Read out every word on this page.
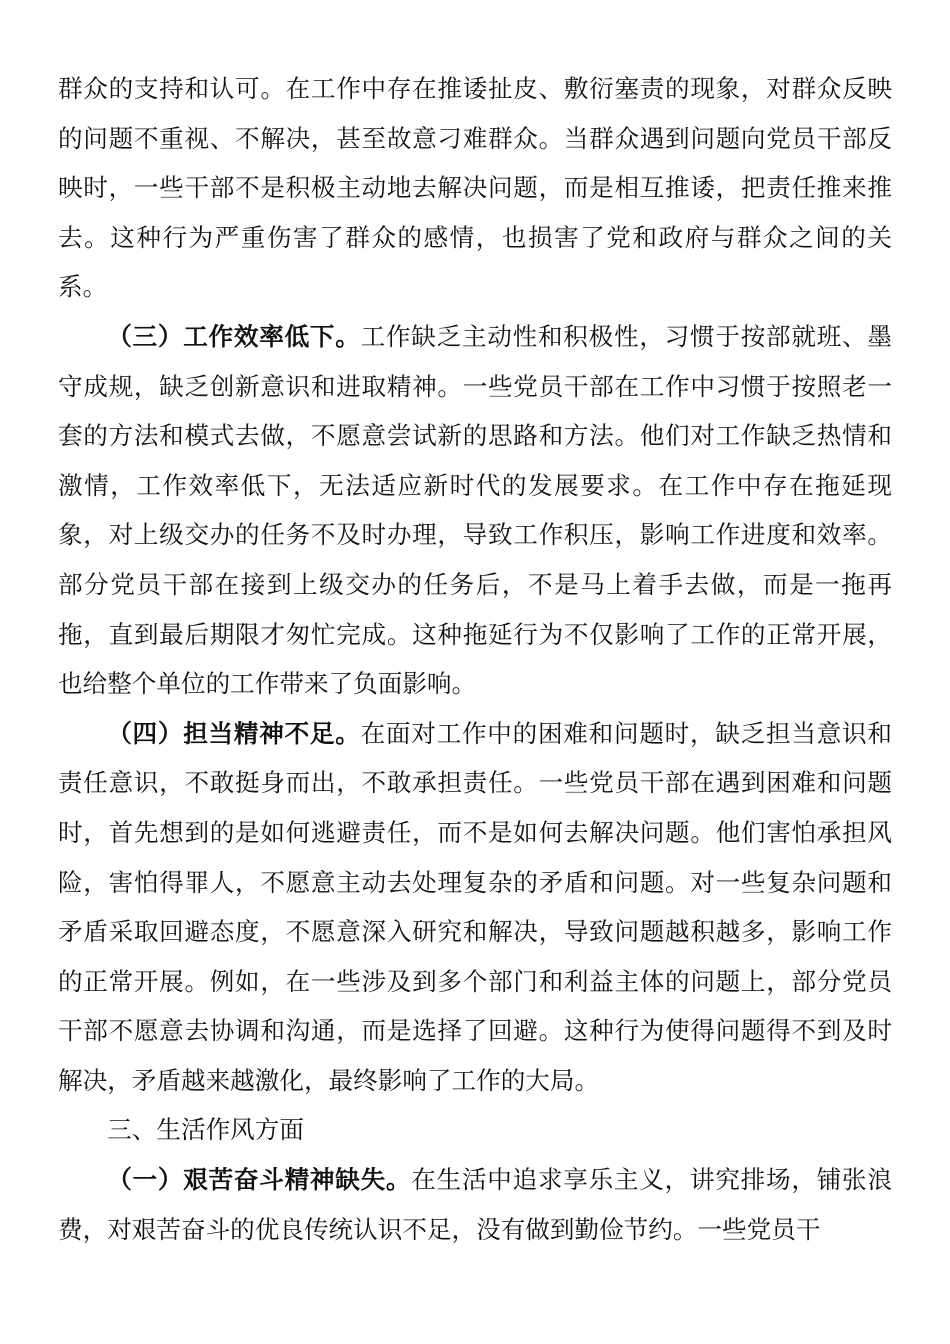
群众的支持和认可。在工作中存在推诿扯皮、敷衍塞责的现象，对群众反映的问题不重视、不解决，甚至故意刁难群众。当群众遇到问题向党员干部反映时，一些干部不是积极主动地去解决问题，而是相互推诿，把责任推来推去。这种行为严重伤害了群众的感情，也损害了党和政府与群众之间的关系。

（三）工作效率低下。工作缺乏主动性和积极性，习惯于按部就班、墨守成规，缺乏创新意识和进取精神。一些党员干部在工作中习惯于按照老一套的方法和模式去做，不愿意尝试新的思路和方法。他们对工作缺乏热情和激情，工作效率低下，无法适应新时代的发展要求。在工作中存在拖延现象，对上级交办的任务不及时办理，导致工作积压，影响工作进度和效率。部分党员干部在接到上级交办的任务后，不是马上着手去做，而是一拖再拖，直到最后期限才匆忙完成。这种拖延行为不仅影响了工作的正常开展，也给整个单位的工作带来了负面影响。

（四）担当精神不足。在面对工作中的困难和问题时，缺乏担当意识和责任意识，不敢挺身而出，不敢承担责任。一些党员干部在遇到困难和问题时，首先想到的是如何逃避责任，而不是如何去解决问题。他们害怕承担风险，害怕得罪人，不愿意主动去处理复杂的矛盾和问题。对一些复杂问题和矛盾采取回避态度，不愿意深入研究和解决，导致问题越积越多，影响工作的正常开展。例如，在一些涉及到多个部门和利益主体的问题上，部分党员干部不愿意去协调和沟通，而是选择了回避。这种行为使得问题得不到及时解决，矛盾越来越激化，最终影响了工作的大局。

三、生活作风方面

（一）艰苦奋斗精神缺失。在生活中追求享乐主义，讲究排场，铺张浪费，对艰苦奋斗的优良传统认识不足，没有做到勤俭节约。一些党员干
